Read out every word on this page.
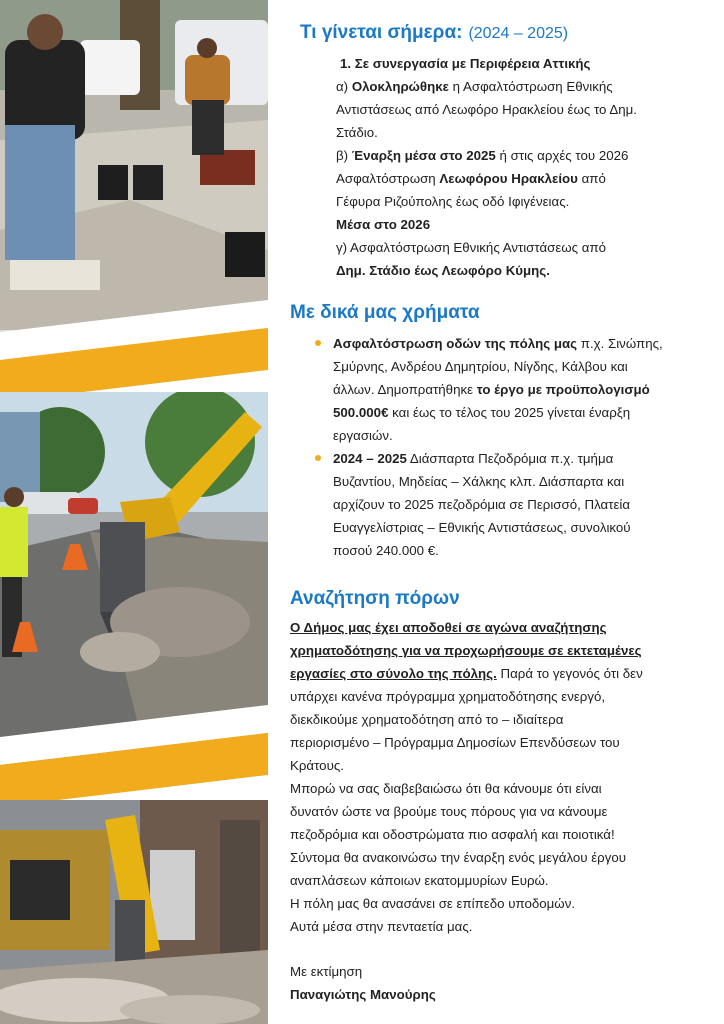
Τι γίνεται σήμερα: (2024 – 2025)

1. Σε συνεργασία με Περιφέρεια Αττικής

α) Ολοκληρώθηκε η Ασφαλτόστρωση Εθνικής

Αντιστάσεως από Λεωφόρο Ηρακλείου έως το Δημ.

Στάδιο.

β) Έναρξη μέσα στο 2025 ή στις αρχές του 2026

Ασφαλτόστρωση Λεωφόρου Ηρακλείου από

Γέφυρα Ριζούπολης έως οδό Ιφιγένειας.

Μέσα στο 2026

γ) Ασφαλτόστρωση Εθνικής Αντιστάσεως από

Δημ. Στάδιο έως Λεωφόρο Κύμης.

Με δικά μας χρήματα
Ασφαλτόστρωση οδών της πόλης μας π.χ. Σινώπης,
Σμύρνης, Ανδρέου Δημητρίου, Νίγδης, Κάλβου και
άλλων. Δημοπρατήθηκε το έργο με προϋπολογισμό
500.000€ και έως το τέλος του 2025 γίνεται έναρξη
εργασιών.
2024 – 2025 Διάσπαρτα Πεζοδρόμια π.χ. τμήμα
Βυζαντίου, Μηδείας – Χάλκης κλπ. Διάσπαρτα και
αρχίζουν το 2025 πεζοδρόμια σε Περισσό, Πλατεία
Ευαγγελίστριας – Εθνικής Αντιστάσεως, συνολικού
ποσού 240.000 €.
Αναζήτηση πόρων

Ο Δήμος μας έχει αποδοθεί σε αγώνα αναζήτησης

χρηματοδότησης για να προχωρήσουμε σε εκτεταμένες

εργασίες στο σύνολο της πόλης. Παρά το γεγονός ότι δεν

υπάρχει κανένα πρόγραμμα χρηματοδότησης ενεργό,

διεκδικούμε χρηματοδότηση από το – ιδιαίτερα

περιορισμένο – Πρόγραμμα Δημοσίων Επενδύσεων του

Κράτους.

Μπορώ να σας διαβεβαιώσω ότι θα κάνουμε ότι είναι

δυνατόν ώστε να βρούμε τους πόρους για να κάνουμε

πεζοδρόμια και οδοστρώματα πιο ασφαλή και ποιοτικά!

Σύντομα θα ανακοινώσω την έναρξη ενός μεγάλου έργου

αναπλάσεων κάποιων εκατομμυρίων Ευρώ.

Η πόλη μας θα ανασάνει σε επίπεδο υποδομών.

Αυτά μέσα στην πενταετία μας.

Με εκτίμηση

Παναγιώτης Μανούρης
